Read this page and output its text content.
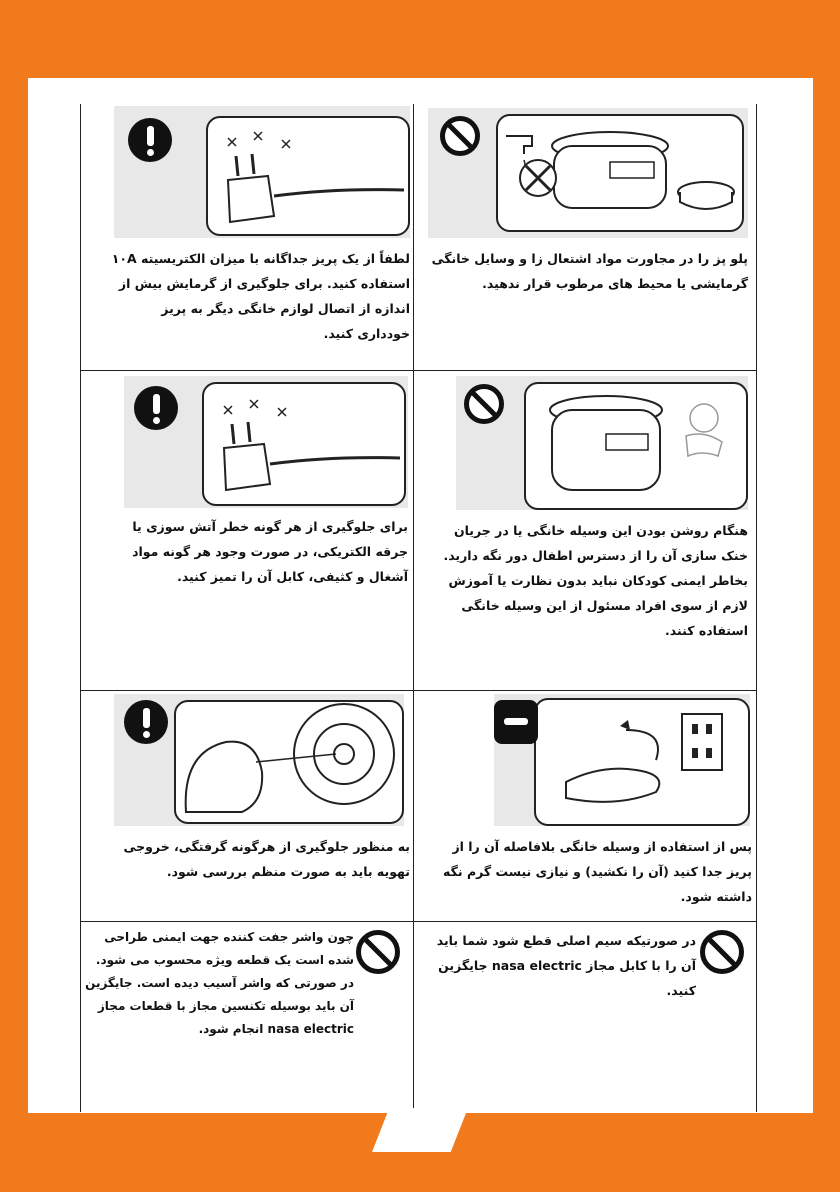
پلو پز را در مجاورت مواد اشتعال زا و وسایل خانگی گرمایشی یا محیط های مرطوب قرار ندهید.
لطفاً از یک پریز جداگانه با میزان الکتریسیته ۱۰A استفاده کنید. برای جلوگیری از گرمایش بیش از اندازه از اتصال لوازم خانگی دیگر به پریز خودداری کنید.
هنگام روشن بودن این وسیله خانگی یا در جریان خنک سازی آن را از دسترس اطفال دور نگه دارید. بخاطر ایمنی کودکان نباید بدون نظارت یا آموزش لازم از سوی افراد مسئول از این وسیله خانگی استفاده کنند.
برای جلوگیری از هر گونه خطر آتش سوزی یا جرقه الکتریکی، در صورت وجود هر گونه مواد آشغال و کثیفی، کابل آن را تمیز کنید.
پس از استفاده از وسیله خانگی بلافاصله آن را از پریز جدا کنید (آن را نکشید) و نیازی نیست گرم نگه داشته شود.
به منظور جلوگیری از هرگونه گرفتگی، خروجی تهویه باید به صورت منظم بررسی شود.
در صورتیکه سیم اصلی قطع شود شما باید آن را با کابل مجاز nasa electric جایگزین کنید.
چون واشر جفت کننده جهت ایمنی طراحی شده است یک قطعه ویژه محسوب می شود. در صورتی که واشر آسیب دیده است. جایگزین آن باید بوسیله تکنسین مجاز با قطعات مجاز nasa electric انجام شود.
